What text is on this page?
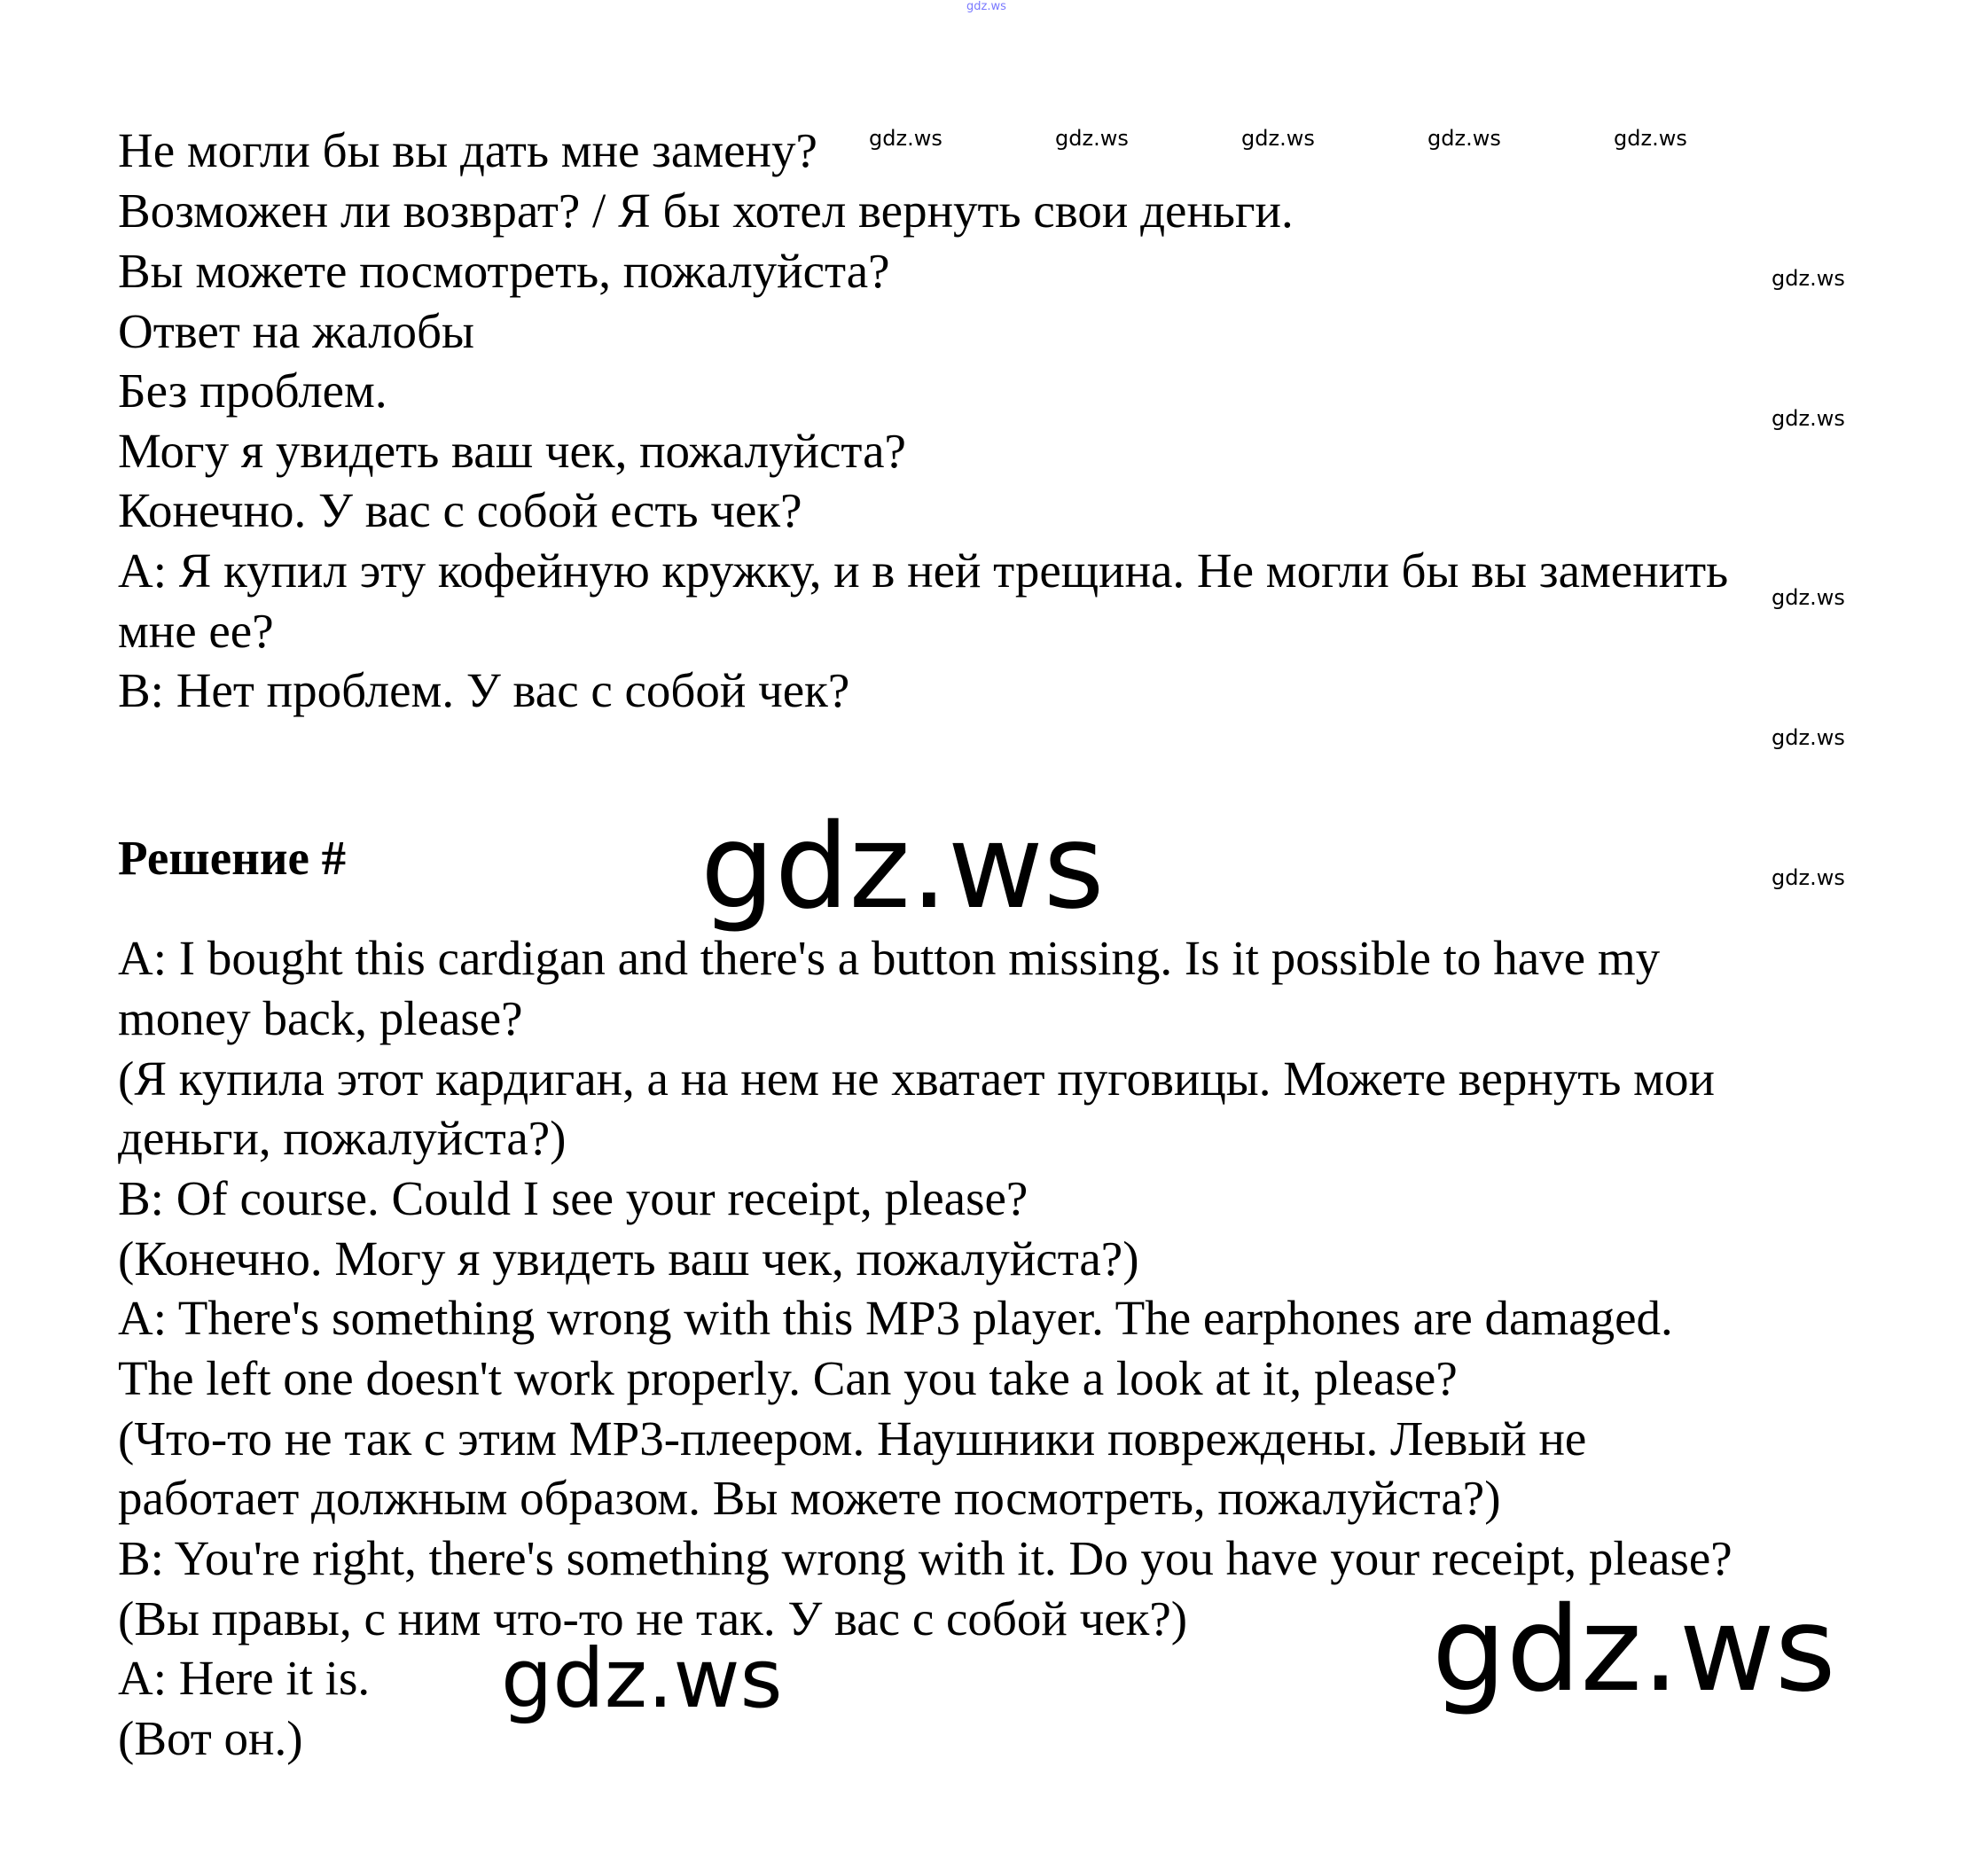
gdz.ws
Не могли бы вы дать мне замену?
Возможен ли возврат? / Я бы хотел вернуть свои деньги.
Вы можете посмотреть, пожалуйста?
Ответ на жалобы
Без проблем.
Могу я увидеть ваш чек, пожалуйста?
Конечно. У вас с собой есть чек?
А: Я купил эту кофейную кружку, и в ней трещина. Не могли бы вы заменить
мне ее?
В: Нет проблем. У вас с собой чек?
Решение #
A: I bought this cardigan and there's a button missing. Is it possible to have my
money back, please?
(Я купила этот кардиган, а на нем не хватает пуговицы. Можете вернуть мои
деньги, пожалуйста?)
B: Of course. Could I see your receipt, please?
(Конечно. Могу я увидеть ваш чек, пожалуйста?)
A: There's something wrong with this MP3 player. The earphones are damaged.
The left one doesn't work properly. Can you take a look at it, please?
(Что-то не так с этим MP3-плеером. Наушники повреждены. Левый не
работает должным образом. Вы можете посмотреть, пожалуйста?)
B: You're right, there's something wrong with it. Do you have your receipt, please?
(Вы правы, с ним что-то не так. У вас с собой чек?)
A: Here it is.
(Вот он.)
gdz.ws	gdz.ws	gdz.ws	gdz.ws	gdz.ws
gdz.ws
gdz.ws
gdz.ws
gdz.ws
gdz.ws
gdz.ws
gdz.ws
gdz.ws
